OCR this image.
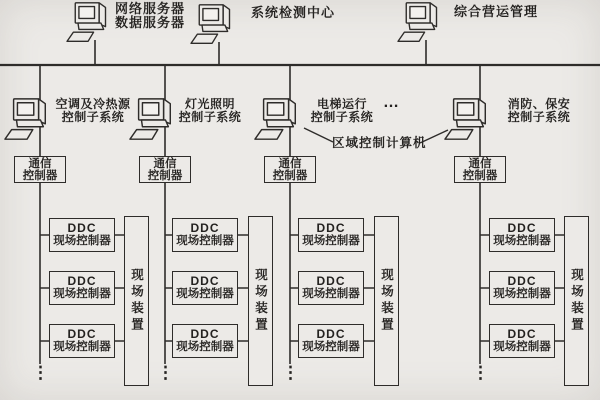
网络服务器
数据服务器
系统检测中心	综合营运管理
空调及冷热源
控制子系统
灯光照明
控制子系统
电梯运行
控制子系统
消防、保安
控制子系统
…
区域控制计算机
通信
控制器
通信
控制器
通信
控制器
通信
控制器
DDC
现场控制器
DDC
现场控制器
DDC
现场控制器
DDC
现场控制器
DDC
现场控制器
DDC
现场控制器
DDC
现场控制器
DDC
现场控制器
DDC
现场控制器
DDC
现场控制器
DDC
现场控制器
DDC
现场控制器
现场装置	现场装置	现场装置	现场装置
⋮	⋮	⋮	⋮
